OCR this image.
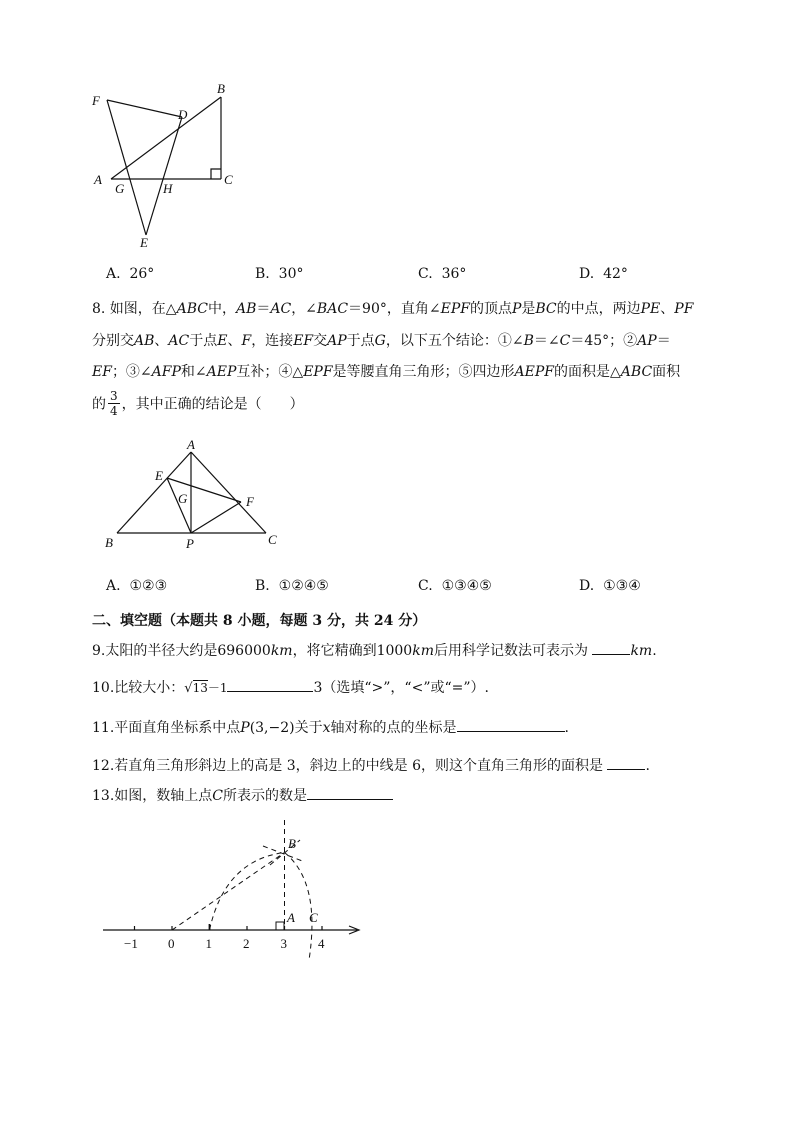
F
B
D
A
G	H
C
E
A. 26°	B. 30°	C. 36°	D. 42°
8. 如图，在△ABC中，AB＝AC，∠BAC＝90°，直角∠EPF的顶点P是BC的中点，两边PE、PF
分别交AB、AC于点E、F，连接EF交AP于点G，以下五个结论：①∠B＝∠C＝45°；②AP＝
EF；③∠AFP和∠AEP互补；④△EPF是等腰直角三角形；⑤四边形AEPF的面积是△ABC面积
的 $\frac{3}{4}$ ，其中正确的结论是（　　）
A
E
G	F
B	P	C
A. ①②③	B. ①②④⑤	C. ①③④⑤	D. ①③④
二、填空题（本题共 8 小题，每题 3 分，共 24 分）
9.太阳的半径大约是696000km，将它精确到1000km后用科学记数法可表示为	km.
10.比较大小：√13－1	3（选填“>”，“<”或“=”）.
11.平面直角坐标系中点P(3,−2)关于x轴对称的点的坐标是	.
12.若直角三角形斜边上的高是 3，斜边上的中线是 6，则这个直角三角形的面积是	.
13.如图，数轴上点C所表示的数是
B
A C
−1 0 1 2 3 4
